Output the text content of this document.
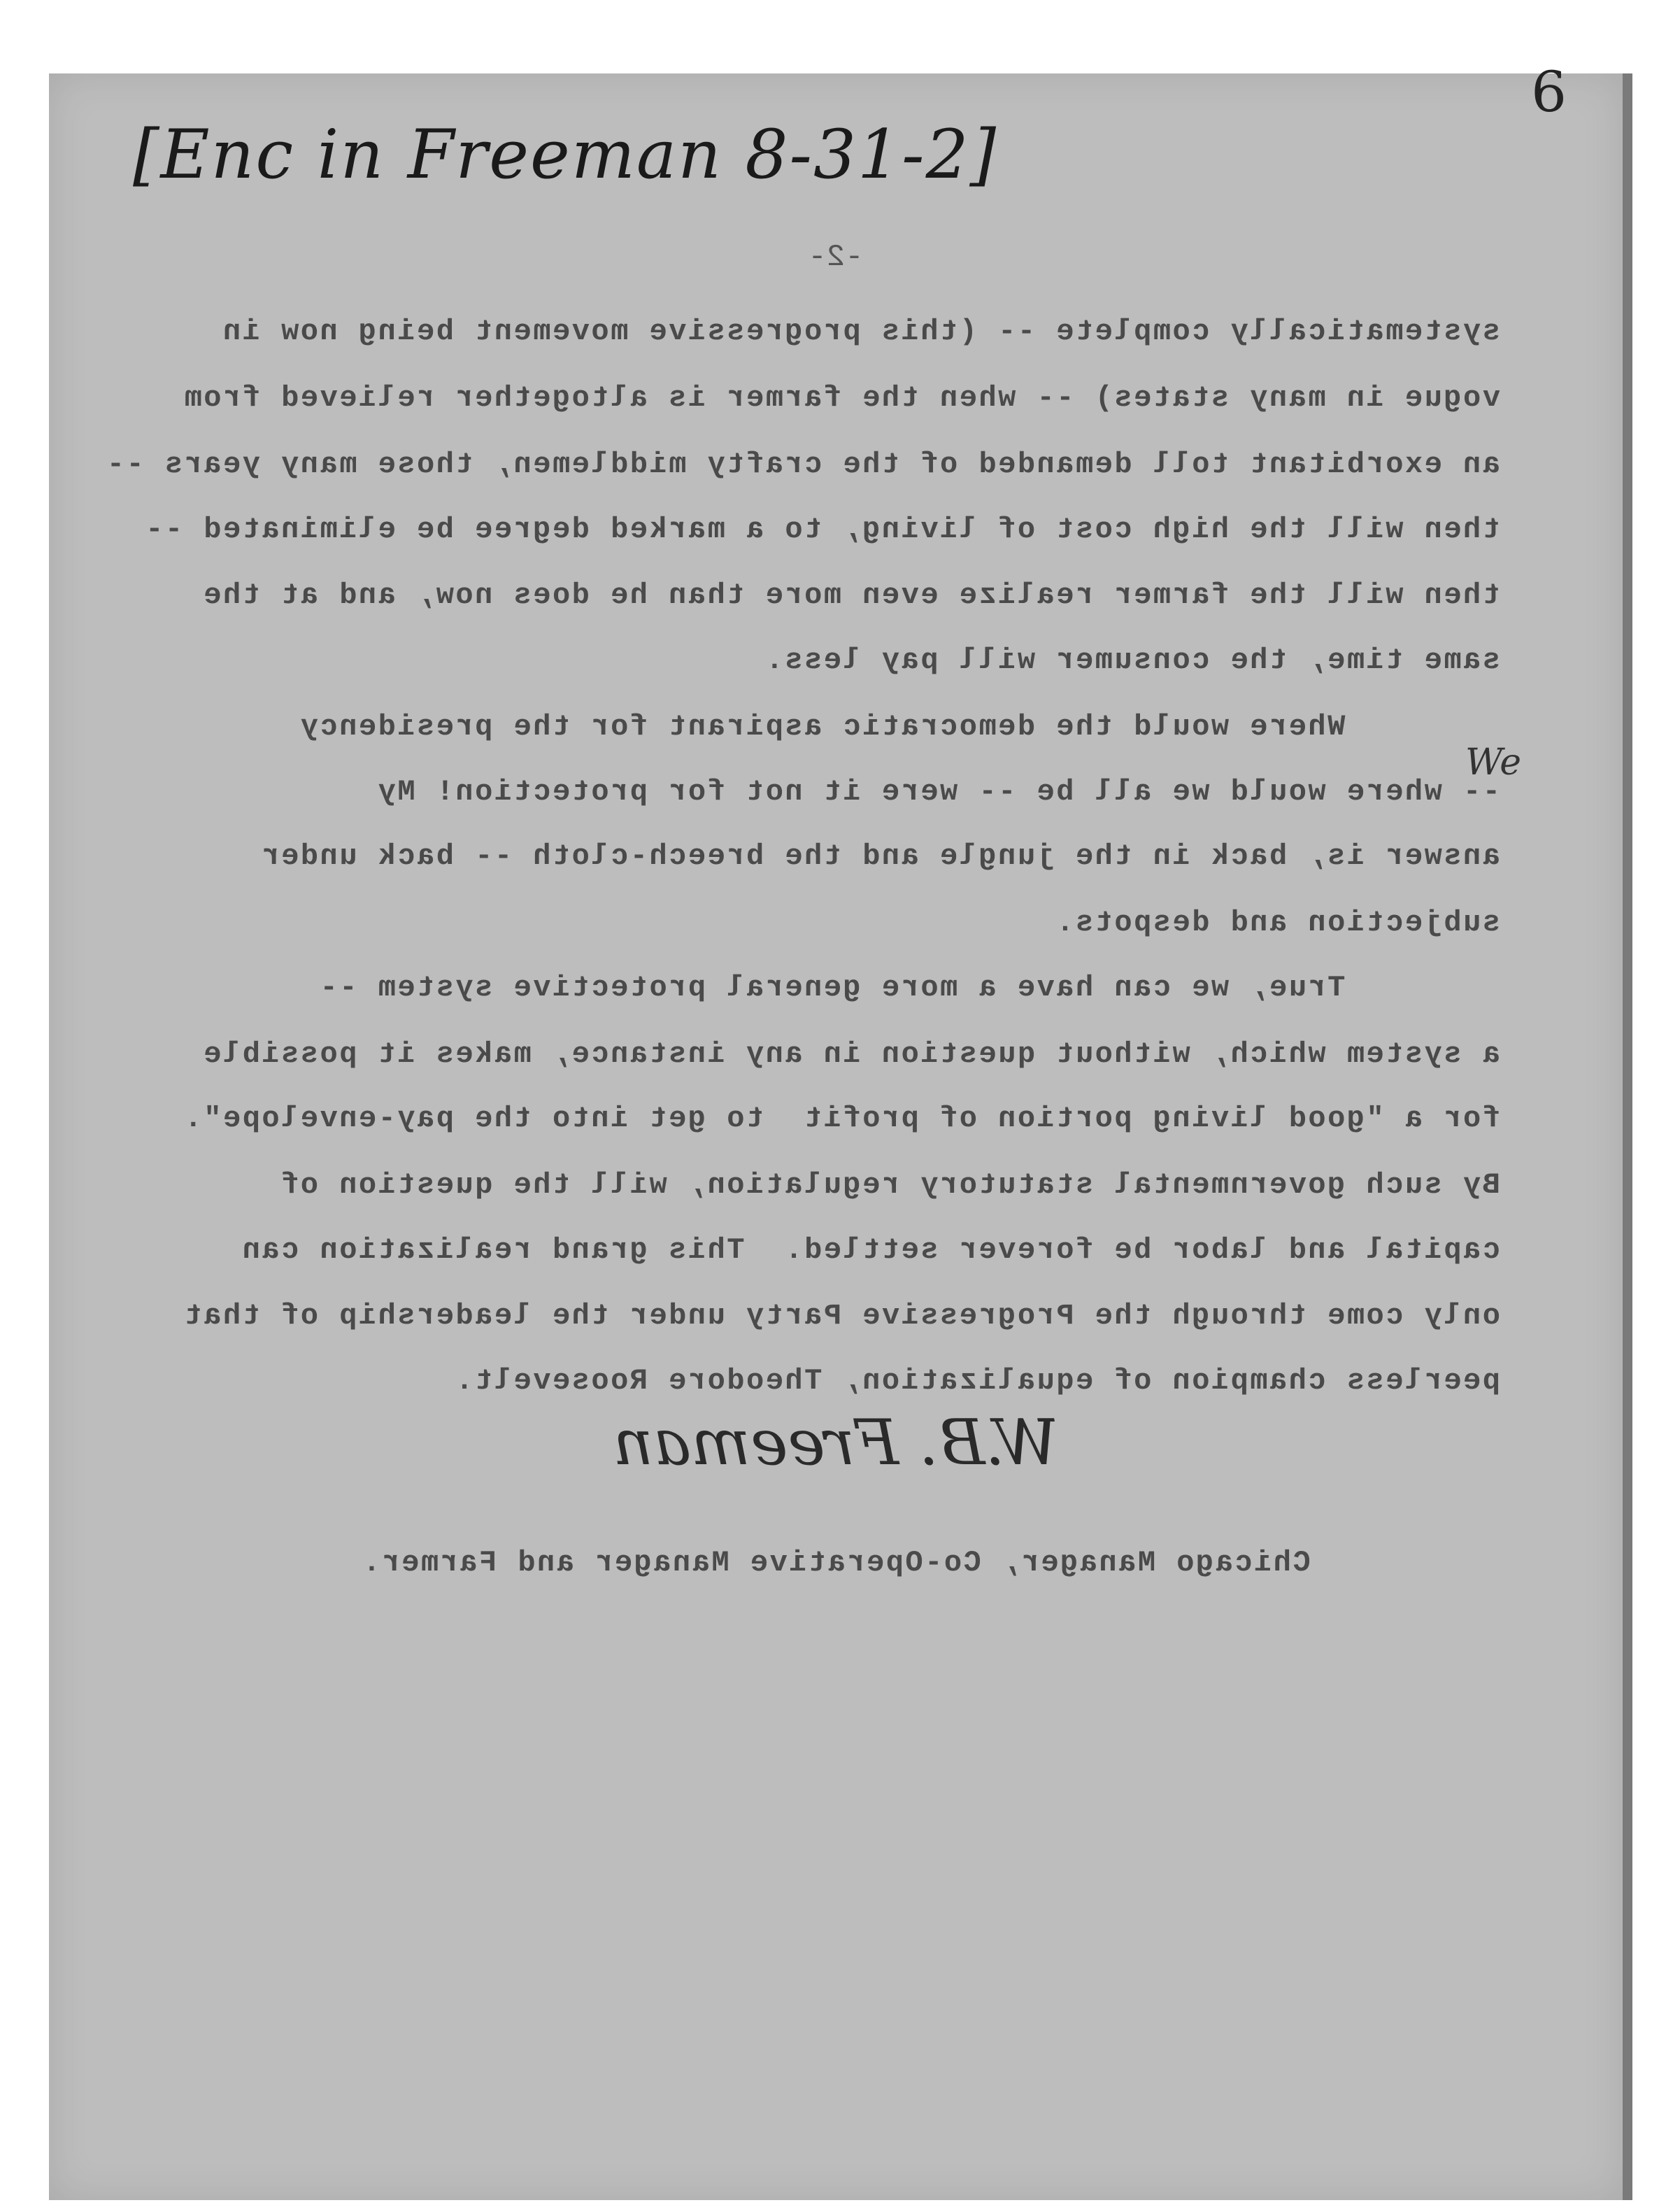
[Enc in Freeman 8-31-2]
6
-2-
systematically complete -- (this progressive movement being now in
vogue in many states) -- when the farmer is altogether relieved from
an exorbitant toll demanded of the crafty middlemen, those many years --
then will the high cost of living, to a marked degree be eliminated --
then will the farmer realize even more than he does now, and at the
same time, the consumer will pay less.
Where would the democratic aspirant for the presidency
-- where would we all be -- were it not for protection! My
answer is, back in the jungle and the breech-cloth -- back under
subjection and despots.
True, we can have a more general protective system --
a system which, without question in any instance, makes it possible
for a "good living portion of profit  to get into the pay-envelope".
By such governmental statutory regulation, will the question of
capital and labor be forever settled.  This grand realization can
only come through the Progressive Party under the leadership of that
peerless champion of equalization, Theodore Roosevelt.
W.B. Freeman
Chicago Manager, Co-Operative Manager and Farmer.
We
